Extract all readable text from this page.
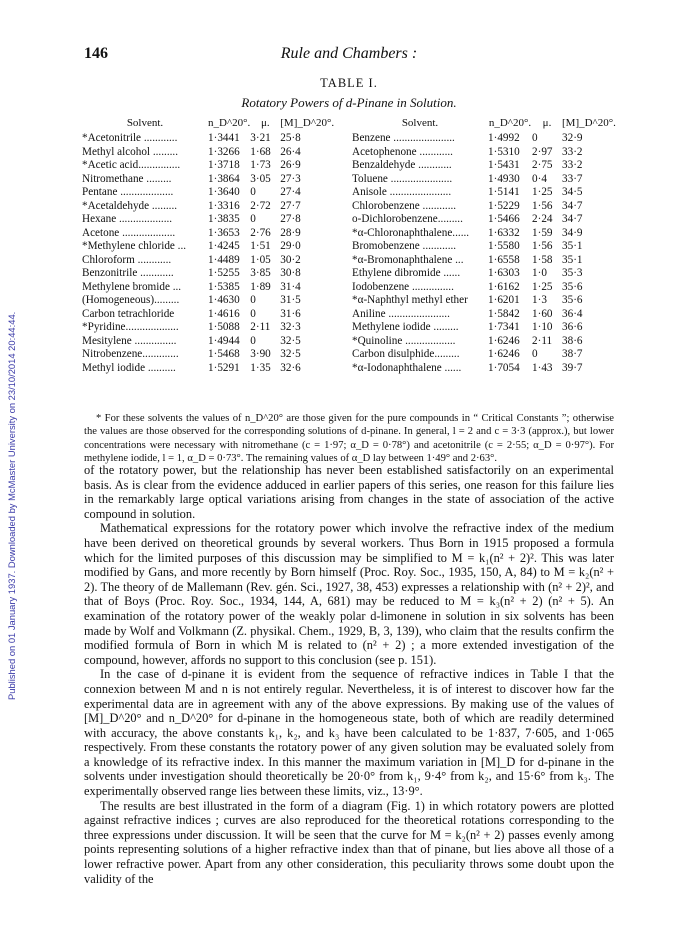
Published on 01 January 1937. Downloaded by McMaster University on 23/10/2014 20:44:44.
146	Rule and Chambers :
TABLE I.
Rotatory Powers of d-Pinane in Solution.
Solvent.	n_D^20°.	μ.	[M]_D^20°.
*Acetonitrile ............	1·3441	3·21	25·8
Methyl alcohol .........	1·3266	1·68	26·4
*Acetic acid...............	1·3718	1·73	26·9
Nitromethane .........	1·3864	3·05	27·3
Pentane ...................	1·3640	0	27·4
*Acetaldehyde .........	1·3316	2·72	27·7
Hexane ...................	1·3835	0	27·8
Acetone ...................	1·3653	2·76	28·9
*Methylene chloride ...	1·4245	1·51	29·0
Chloroform ............	1·4489	1·05	30·2
Benzonitrile ............	1·5255	3·85	30·8
Methylene bromide ...	1·5385	1·89	31·4
(Homogeneous).........	1·4630	0	31·5
Carbon tetrachloride	1·4616	0	31·6
*Pyridine...................	1·5088	2·11	32·3
Mesitylene ...............	1·4944	0	32·5
Nitrobenzene.............	1·5468	3·90	32·5
Methyl iodide ..........	1·5291	1·35	32·6
Solvent.	n_D^20°.	μ.	[M]_D^20°.
Benzene ......................	1·4992	0	32·9
Acetophenone ............	1·5310	2·97	33·2
Benzaldehyde ............	1·5431	2·75	33·2
Toluene ......................	1·4930	0·4	33·7
Anisole ......................	1·5141	1·25	34·5
Chlorobenzene ............	1·5229	1·56	34·7
o-Dichlorobenzene.........	1·5466	2·24	34·7
*α-Chloronaphthalene......	1·6332	1·59	34·9
Bromobenzene ............	1·5580	1·56	35·1
*α-Bromonaphthalene ...	1·6558	1·58	35·1
Ethylene dibromide ......	1·6303	1·0	35·3
Iodobenzene ...............	1·6162	1·25	35·6
*α-Naphthyl methyl ether	1·6201	1·3	35·6
Aniline ......................	1·5842	1·60	36·4
Methylene iodide .........	1·7341	1·10	36·6
*Quinoline ..................	1·6246	2·11	38·6
Carbon disulphide.........	1·6246	0	38·7
*α-Iodonaphthalene ......	1·7054	1·43	39·7

* For these solvents the values of n_D^20° are those given for the pure compounds in “ Critical Constants ”; otherwise the values are those observed for the corresponding solutions of d-pinane. In general, l = 2 and c = 3·3 (approx.), but lower concentrations were necessary with nitromethane (c = 1·97; α_D = 0·78°) and acetonitrile (c = 2·55; α_D = 0·97°). For methylene iodide, l = 1, α_D = 0·73°. The remaining values of α_D lay between 1·49° and 2·63°.

of the rotatory power, but the relationship has never been established satisfactorily on an experimental basis. As is clear from the evidence adduced in earlier papers of this series, one reason for this failure lies in the remarkably large optical variations arising from changes in the state of association of the active compound in solution.

Mathematical expressions for the rotatory power which involve the refractive index of the medium have been derived on theoretical grounds by several workers. Thus Born in 1915 proposed a formula which for the limited purposes of this discussion may be simplified to M = k₁(n² + 2)². This was later modified by Gans, and more recently by Born himself (Proc. Roy. Soc., 1935, 150, A, 84) to M = k₂(n² + 2). The theory of de Mallemann (Rev. gén. Sci., 1927, 38, 453) expresses a relationship with (n² + 2)², and that of Boys (Proc. Roy. Soc., 1934, 144, A, 681) may be reduced to M = k₃(n² + 2) (n² + 5). An examination of the rotatory power of the weakly polar d-limonene in solution in six solvents has been made by Wolf and Volkmann (Z. physikal. Chem., 1929, B, 3, 139), who claim that the results confirm the modified formula of Born in which M is related to (n² + 2) ; a more extended investigation of the compound, however, affords no support to this conclusion (see p. 151).

In the case of d-pinane it is evident from the sequence of refractive indices in Table I that the connexion between M and n is not entirely regular. Nevertheless, it is of interest to discover how far the experimental data are in agreement with any of the above expressions. By making use of the values of [M]_D^20° and n_D^20° for d-pinane in the homogeneous state, both of which are readily determined with accuracy, the above constants k₁, k₂, and k₃ have been calculated to be 1·837, 7·605, and 1·065 respectively. From these constants the rotatory power of any given solution may be evaluated solely from a knowledge of its refractive index. In this manner the maximum variation in [M]_D for d-pinane in the solvents under investigation should theoretically be 20·0° from k₁, 9·4° from k₂, and 15·6° from k₃. The experimentally observed range lies between these limits, viz., 13·9°.

The results are best illustrated in the form of a diagram (Fig. 1) in which rotatory powers are plotted against refractive indices ; curves are also reproduced for the theoretical rotations corresponding to the three expressions under discussion. It will be seen that the curve for M = k₂(n² + 2) passes evenly among points representing solutions of a higher refractive index than that of pinane, but lies above all those of a lower refractive power. Apart from any other consideration, this peculiarity throws some doubt upon the validity of the
